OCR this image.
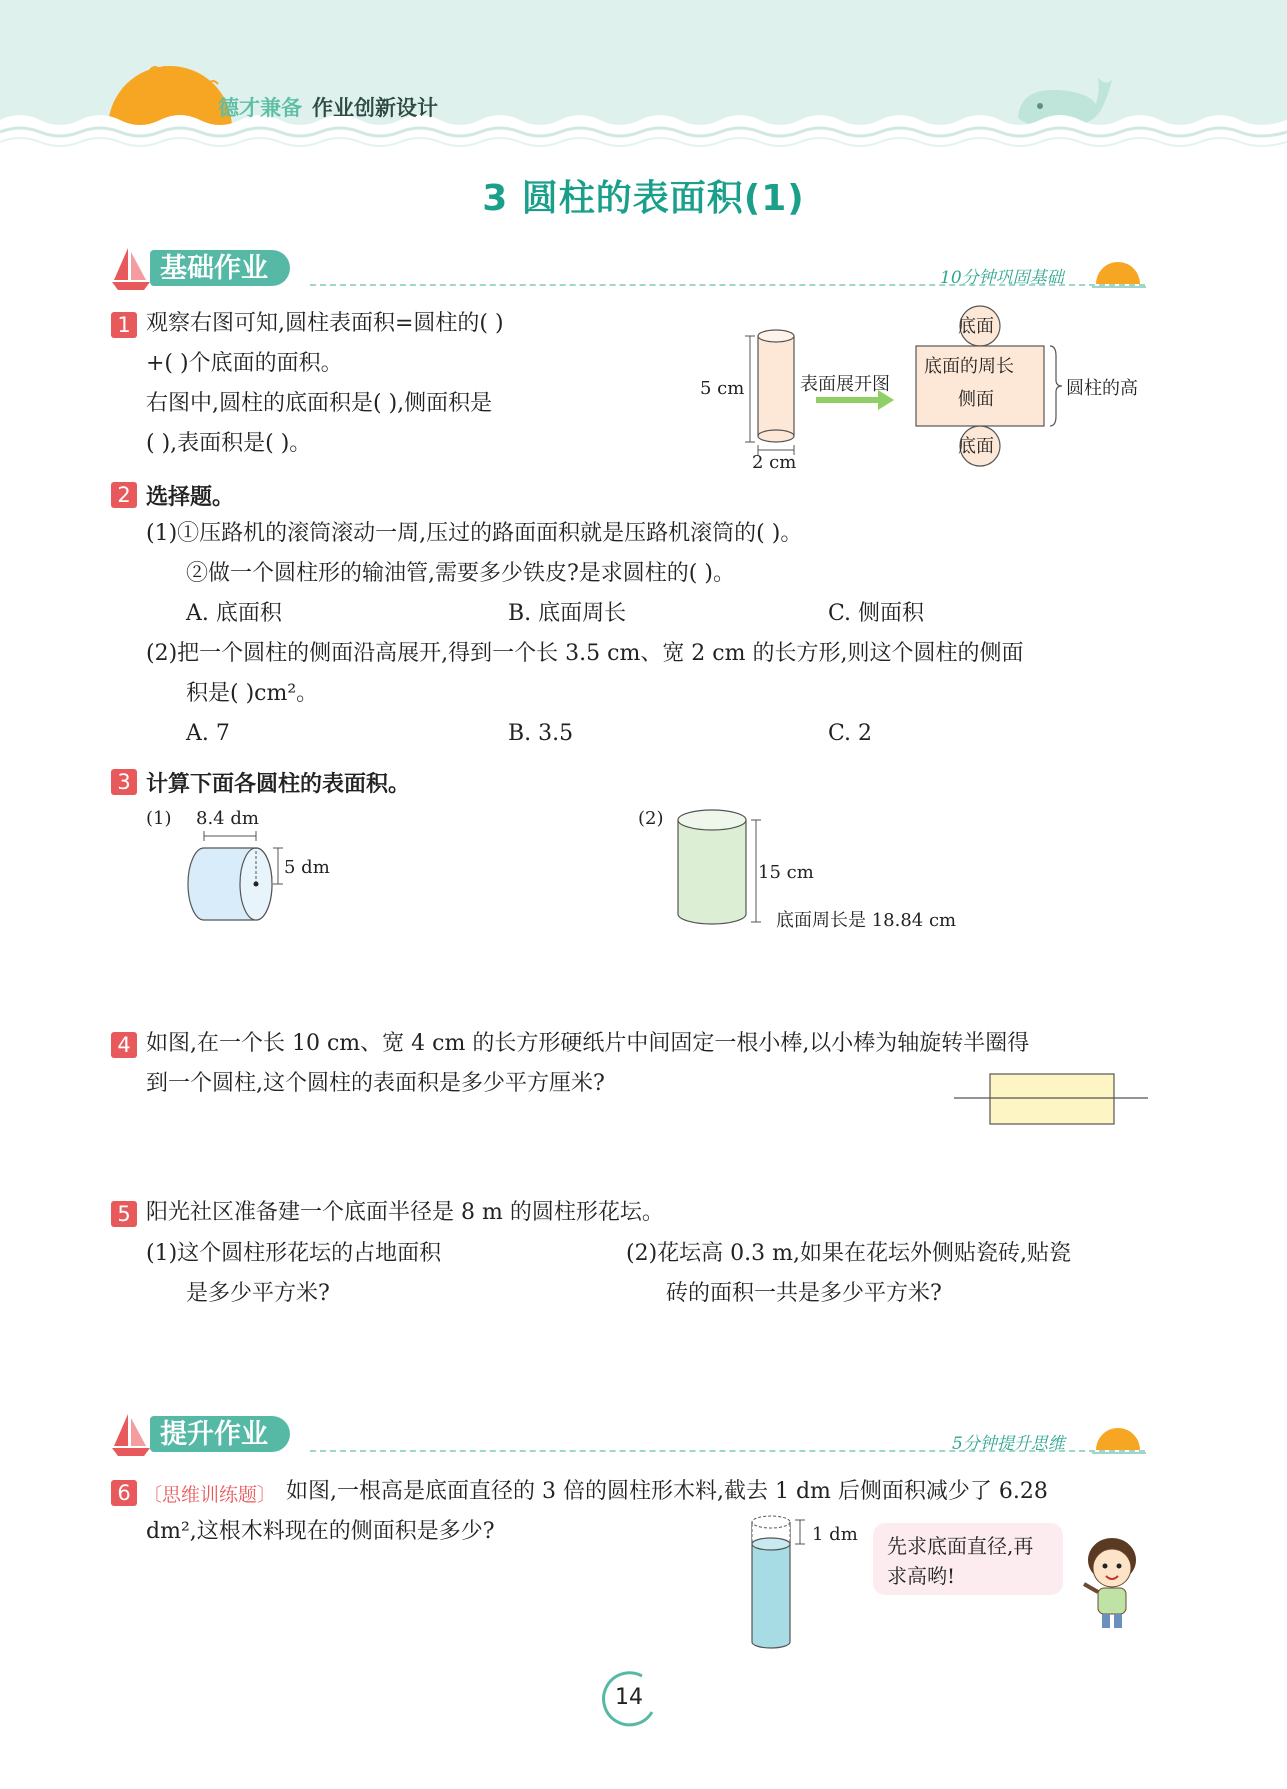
德才兼备 作业创新设计
3 圆柱的表面积(1)
基础作业	10分钟巩固基础
1 观察右图可知,圆柱表面积=圆柱的( )
+( )个底面的面积。
右图中,圆柱的底面积是( ),侧面积是
( ),表面积是( )。
5 cm
2 cm
表面展开图
底面
底面的周长
侧面
底面
圆柱的高
2 选择题。
(1)①压路机的滚筒滚动一周,压过的路面面积就是压路机滚筒的( )。
②做一个圆柱形的输油管,需要多少铁皮?是求圆柱的( )。
A. 底面积	B. 底面周长	C. 侧面积
(2)把一个圆柱的侧面沿高展开,得到一个长 3.5 cm、宽 2 cm 的长方形,则这个圆柱的侧面
积是( )cm²。
A. 7	B. 3.5	C. 2
3 计算下面各圆柱的表面积。
(1) 8.4 dm
5 dm
(2)
15 cm
底面周长是 18.84 cm
4 如图,在一个长 10 cm、宽 4 cm 的长方形硬纸片中间固定一根小棒,以小棒为轴旋转半圈得
到一个圆柱,这个圆柱的表面积是多少平方厘米?
5 阳光社区准备建一个底面半径是 8 m 的圆柱形花坛。
(1)这个圆柱形花坛的占地面积
是多少平方米?
(2)花坛高 0.3 m,如果在花坛外侧贴瓷砖,贴瓷
砖的面积一共是多少平方米?
提升作业	5分钟提升思维
6 〔思维训练题〕 如图,一根高是底面直径的 3 倍的圆柱形木料,截去 1 dm 后侧面积减少了 6.28
dm²,这根木料现在的侧面积是多少?	1 dm 先求底面直径,再
求高哟!
14
